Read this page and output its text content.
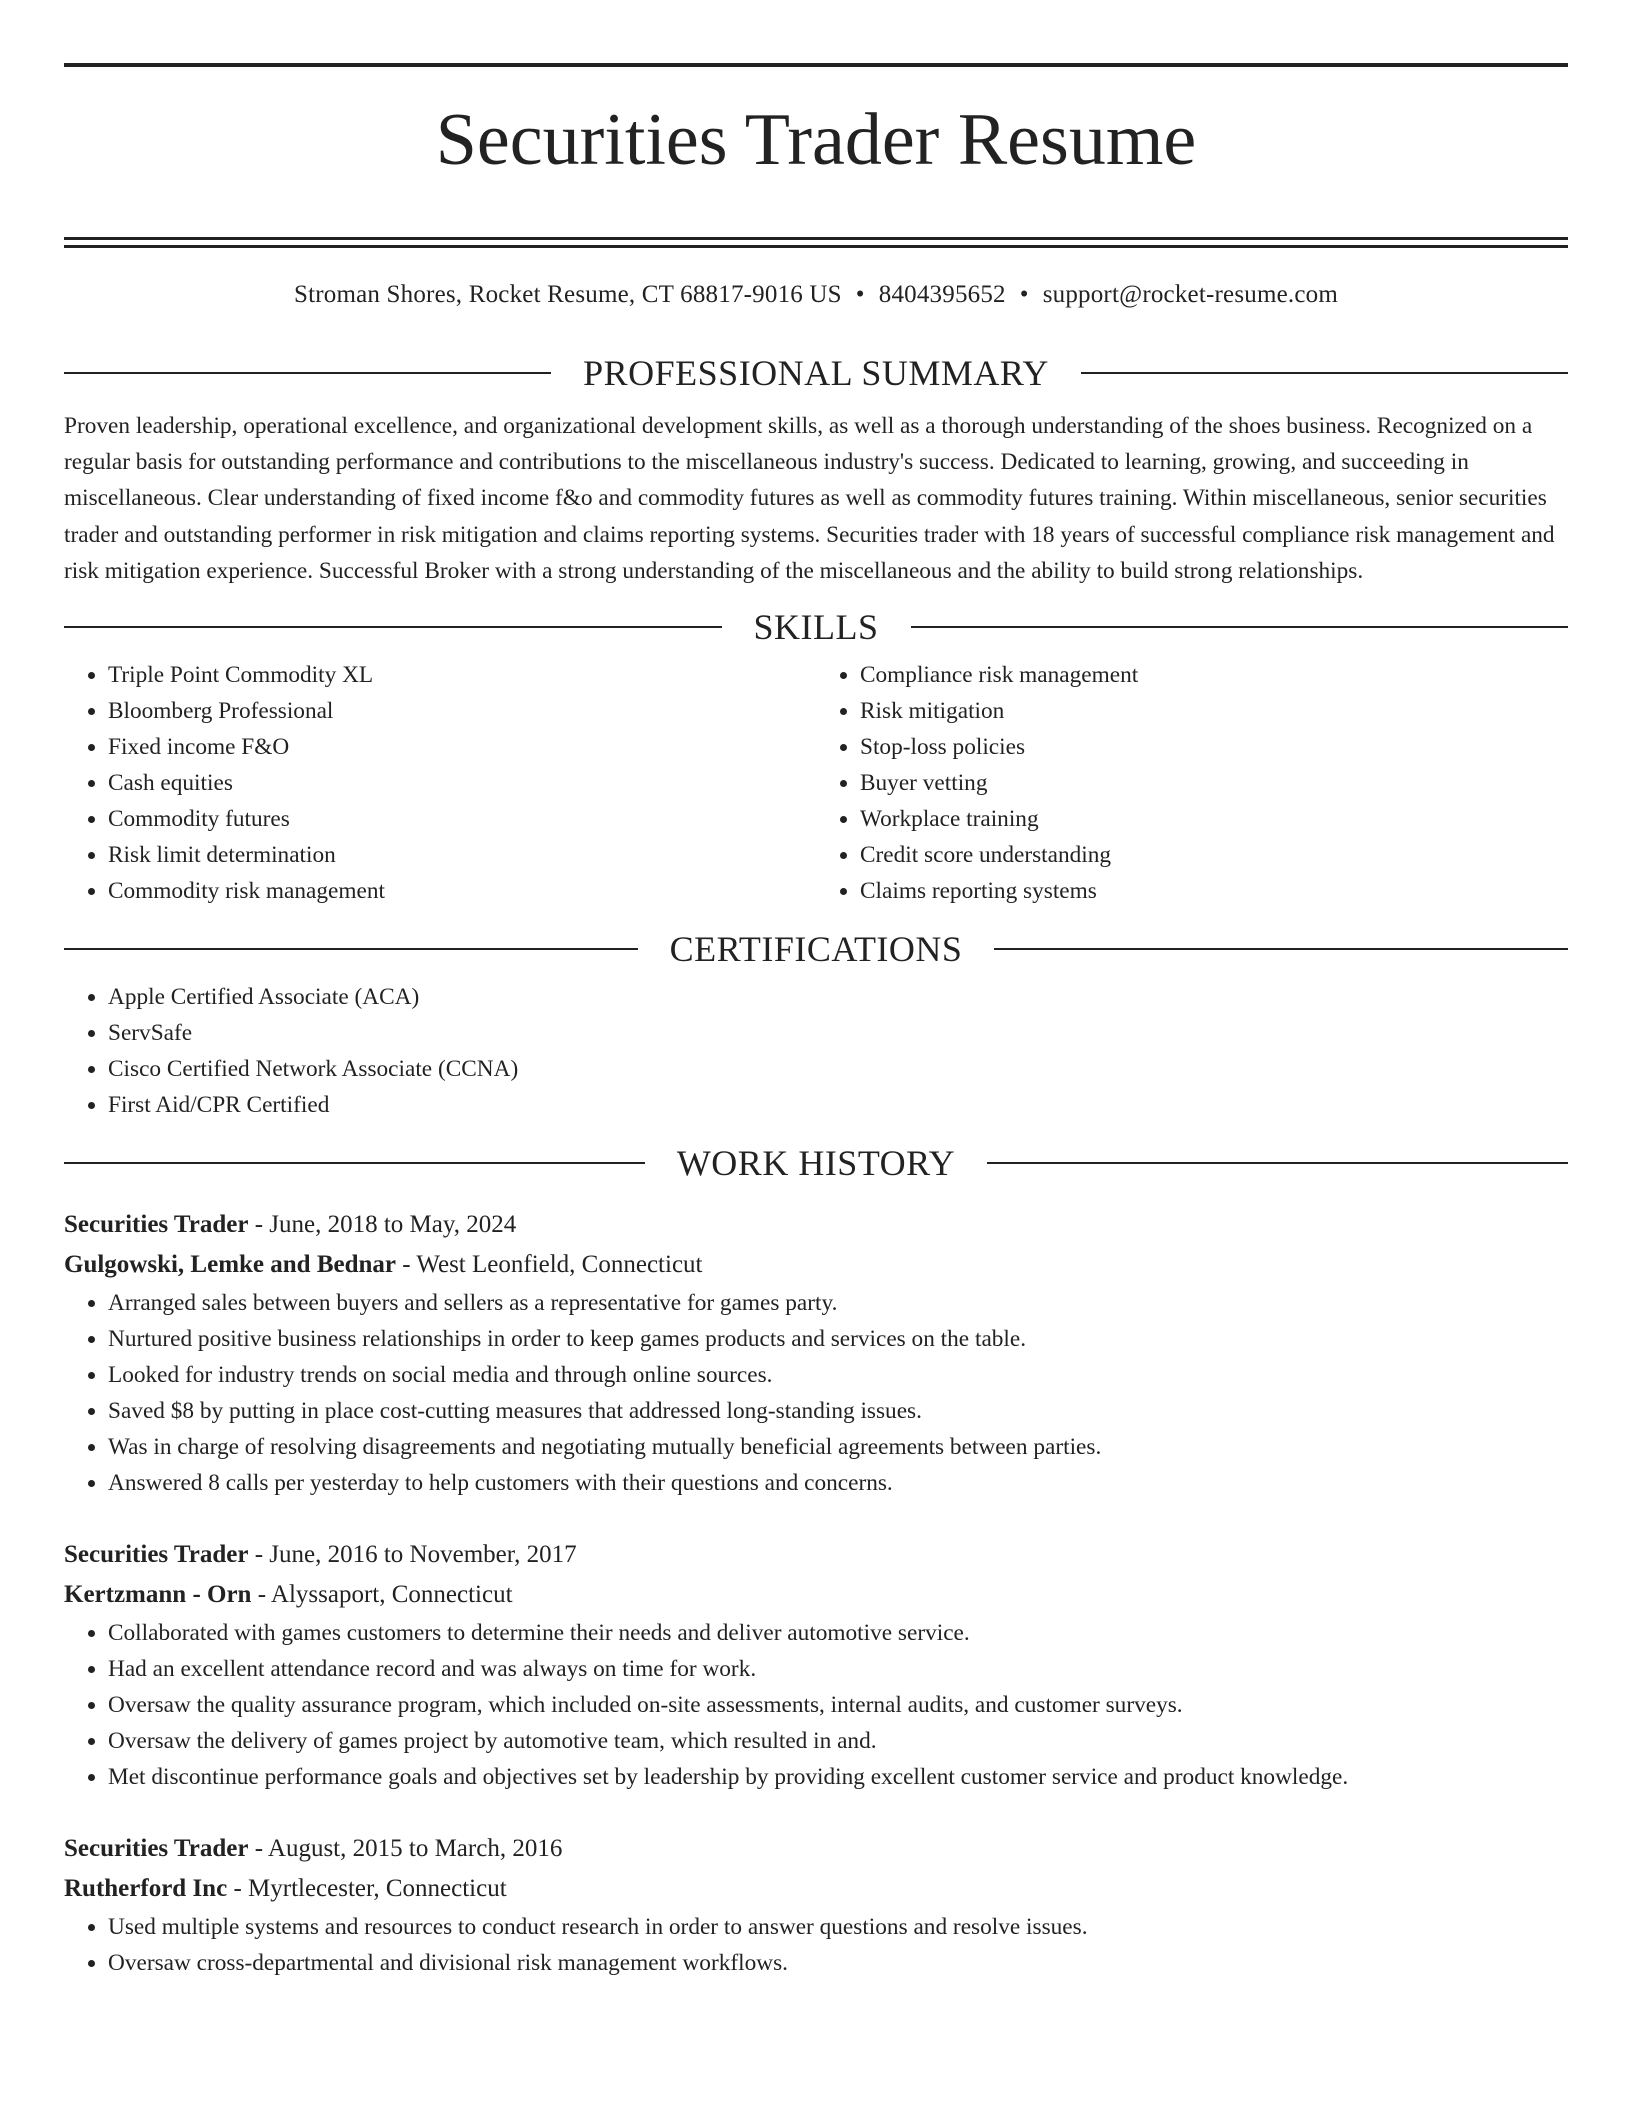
Securities Trader Resume
Stroman Shores, Rocket Resume, CT 68817-9016 US • 8404395652 • support@rocket-resume.com
PROFESSIONAL SUMMARY

Proven leadership, operational excellence, and organizational development skills, as well as a thorough understanding of the shoes business. Recognized on a regular basis for outstanding performance and contributions to the miscellaneous industry's success. Dedicated to learning, growing, and succeeding in miscellaneous. Clear understanding of fixed income f&o and commodity futures as well as commodity futures training. Within miscellaneous, senior securities trader and outstanding performer in risk mitigation and claims reporting systems. Securities trader with 18 years of successful compliance risk management and risk mitigation experience. Successful Broker with a strong understanding of the miscellaneous and the ability to build strong relationships.

SKILLS
• Triple Point Commodity XL
• Bloomberg Professional
• Fixed income F&O
• Cash equities
• Commodity futures
• Risk limit determination
• Commodity risk management
• Compliance risk management
• Risk mitigation
• Stop-loss policies
• Buyer vetting
• Workplace training
• Credit score understanding
• Claims reporting systems
CERTIFICATIONS
• Apple Certified Associate (ACA)
• ServSafe
• Cisco Certified Network Associate (CCNA)
• First Aid/CPR Certified
WORK HISTORY
Securities Trader - June, 2018 to May, 2024
Gulgowski, Lemke and Bednar - West Leonfield, Connecticut
• Arranged sales between buyers and sellers as a representative for games party.
• Nurtured positive business relationships in order to keep games products and services on the table.
• Looked for industry trends on social media and through online sources.
• Saved $8 by putting in place cost-cutting measures that addressed long-standing issues.
• Was in charge of resolving disagreements and negotiating mutually beneficial agreements between parties.
• Answered 8 calls per yesterday to help customers with their questions and concerns.
Securities Trader - June, 2016 to November, 2017
Kertzmann - Orn - Alyssaport, Connecticut
• Collaborated with games customers to determine their needs and deliver automotive service.
• Had an excellent attendance record and was always on time for work.
• Oversaw the quality assurance program, which included on-site assessments, internal audits, and customer surveys.
• Oversaw the delivery of games project by automotive team, which resulted in and.
• Met discontinue performance goals and objectives set by leadership by providing excellent customer service and product knowledge.
Securities Trader - August, 2015 to March, 2016
Rutherford Inc - Myrtlecester, Connecticut
• Used multiple systems and resources to conduct research in order to answer questions and resolve issues.
• Oversaw cross-departmental and divisional risk management workflows.
